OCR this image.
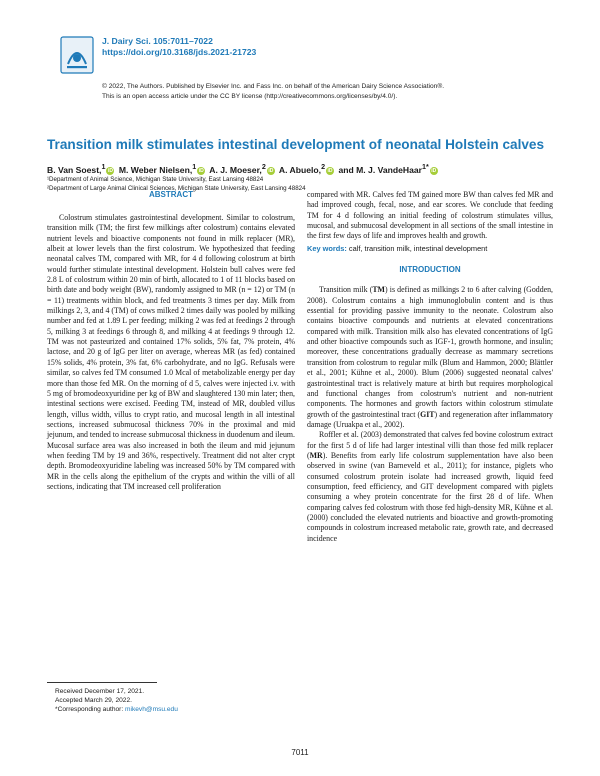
J. Dairy Sci. 105:7011–7022
https://doi.org/10.3168/jds.2021-21723
© 2022, The Authors. Published by Elsevier Inc. and Fass Inc. on behalf of the American Dairy Science Association®.
This is an open access article under the CC BY license (http://creativecommons.org/licenses/by/4.0/).
Transition milk stimulates intestinal development of neonatal Holstein calves
B. Van Soest,$^1$ iD M. Weber Nielsen,$^1$ iD A. J. Moeser,$^2$ iD A. Abuelo,$^2$ iD and M. J. VandeHaar$^{1*}$ iD
¹Department of Animal Science, Michigan State University, East Lansing 48824
²Department of Large Animal Clinical Sciences, Michigan State University, East Lansing 48824
ABSTRACT

Colostrum stimulates gastrointestinal development. Similar to colostrum, transition milk (TM; the first few milkings after colostrum) contains elevated nutrient levels and bioactive components not found in milk replacer (MR), albeit at lower levels than the first colostrum. We hypothesized that feeding neonatal calves TM, compared with MR, for 4 d following colostrum at birth would further stimulate intestinal development. Holstein bull calves were fed 2.8 L of colostrum within 20 min of birth, allocated to 1 of 11 blocks based on birth date and body weight (BW), randomly assigned to MR (n = 12) or TM (n = 11) treatments within block, and fed treatments 3 times per day. Milk from milkings 2, 3, and 4 (TM) of cows milked 2 times daily was pooled by milking number and fed at 1.89 L per feeding; milking 2 was fed at feedings 2 through 5, milking 3 at feedings 6 through 8, and milking 4 at feedings 9 through 12. TM was not pasteurized and contained 17% solids, 5% fat, 7% protein, 4% lactose, and 20 g of IgG per liter on average, whereas MR (as fed) contained 15% solids, 4% protein, 3% fat, 6% carbohydrate, and no IgG. Refusals were similar, so calves fed TM consumed 1.0 Mcal of metabolizable energy per day more than those fed MR. On the morning of d 5, calves were injected i.v. with 5 mg of bromodeoxyuridine per kg of BW and slaughtered 130 min later; then, intestinal sections were excised. Feeding TM, instead of MR, doubled villus length, villus width, villus to crypt ratio, and mucosal length in all intestinal sections, increased submucosal thickness 70% in the proximal and mid jejunum, and tended to increase submucosal thickness in duodenum and ileum. Mucosal surface area was also increased in both the ileum and mid jejunum when feeding TM by 19 and 36%, respectively. Treatment did not alter crypt depth. Bromodeoxyuridine labeling was increased 50% by TM compared with MR in the cells along the epithelium of the crypts and within the villi of all sections, indicating that TM increased cell proliferation

compared with MR. Calves fed TM gained more BW than calves fed MR and had improved cough, fecal, nose, and ear scores. We conclude that feeding TM for 4 d following an initial feeding of colostrum stimulates villus, mucosal, and submucosal development in all sections of the small intestine in the first few days of life and improves health and growth.

Key words: calf, transition milk, intestinal development
INTRODUCTION

Transition milk (TM) is defined as milkings 2 to 6 after calving (Godden, 2008). Colostrum contains a high immunoglobulin content and is thus essential for providing passive immunity to the neonate. Colostrum also contains bioactive compounds and nutrients at elevated concentrations compared with milk. Transition milk also has elevated concentrations of IgG and other bioactive compounds such as IGF-1, growth hormone, and insulin; moreover, these concentrations gradually decrease as mammary secretions transition from colostrum to regular milk (Blum and Hammon, 2000; Blättler et al., 2001; Kühne et al., 2000). Blum (2006) suggested neonatal calves' gastrointestinal tract is relatively mature at birth but requires morphological and functional changes from colostrum's nutrient and non-nutrient components. The hormones and growth factors within colostrum stimulate growth of the gastrointestinal tract (GIT) and regeneration after inflammatory damage (Uruakpa et al., 2002).

Roffler et al. (2003) demonstrated that calves fed bovine colostrum extract for the first 5 d of life had larger intestinal villi than those fed milk replacer (MR). Benefits from early life colostrum supplementation have also been observed in swine (van Barneveld et al., 2011); for instance, piglets who consumed colostrum protein isolate had increased growth, liquid feed consumption, feed efficiency, and GIT development compared with piglets consuming a whey protein concentrate for the first 28 d of life. When comparing calves fed colostrum with those fed high-density MR, Kühne et al. (2000) concluded the elevated nutrients and bioactive and growth-promoting compounds in colostrum increased metabolic rate, growth rate, and decreased incidence

Received December 17, 2021.
Accepted March 29, 2022.
*Corresponding author: mikevh@msu.edu
7011
